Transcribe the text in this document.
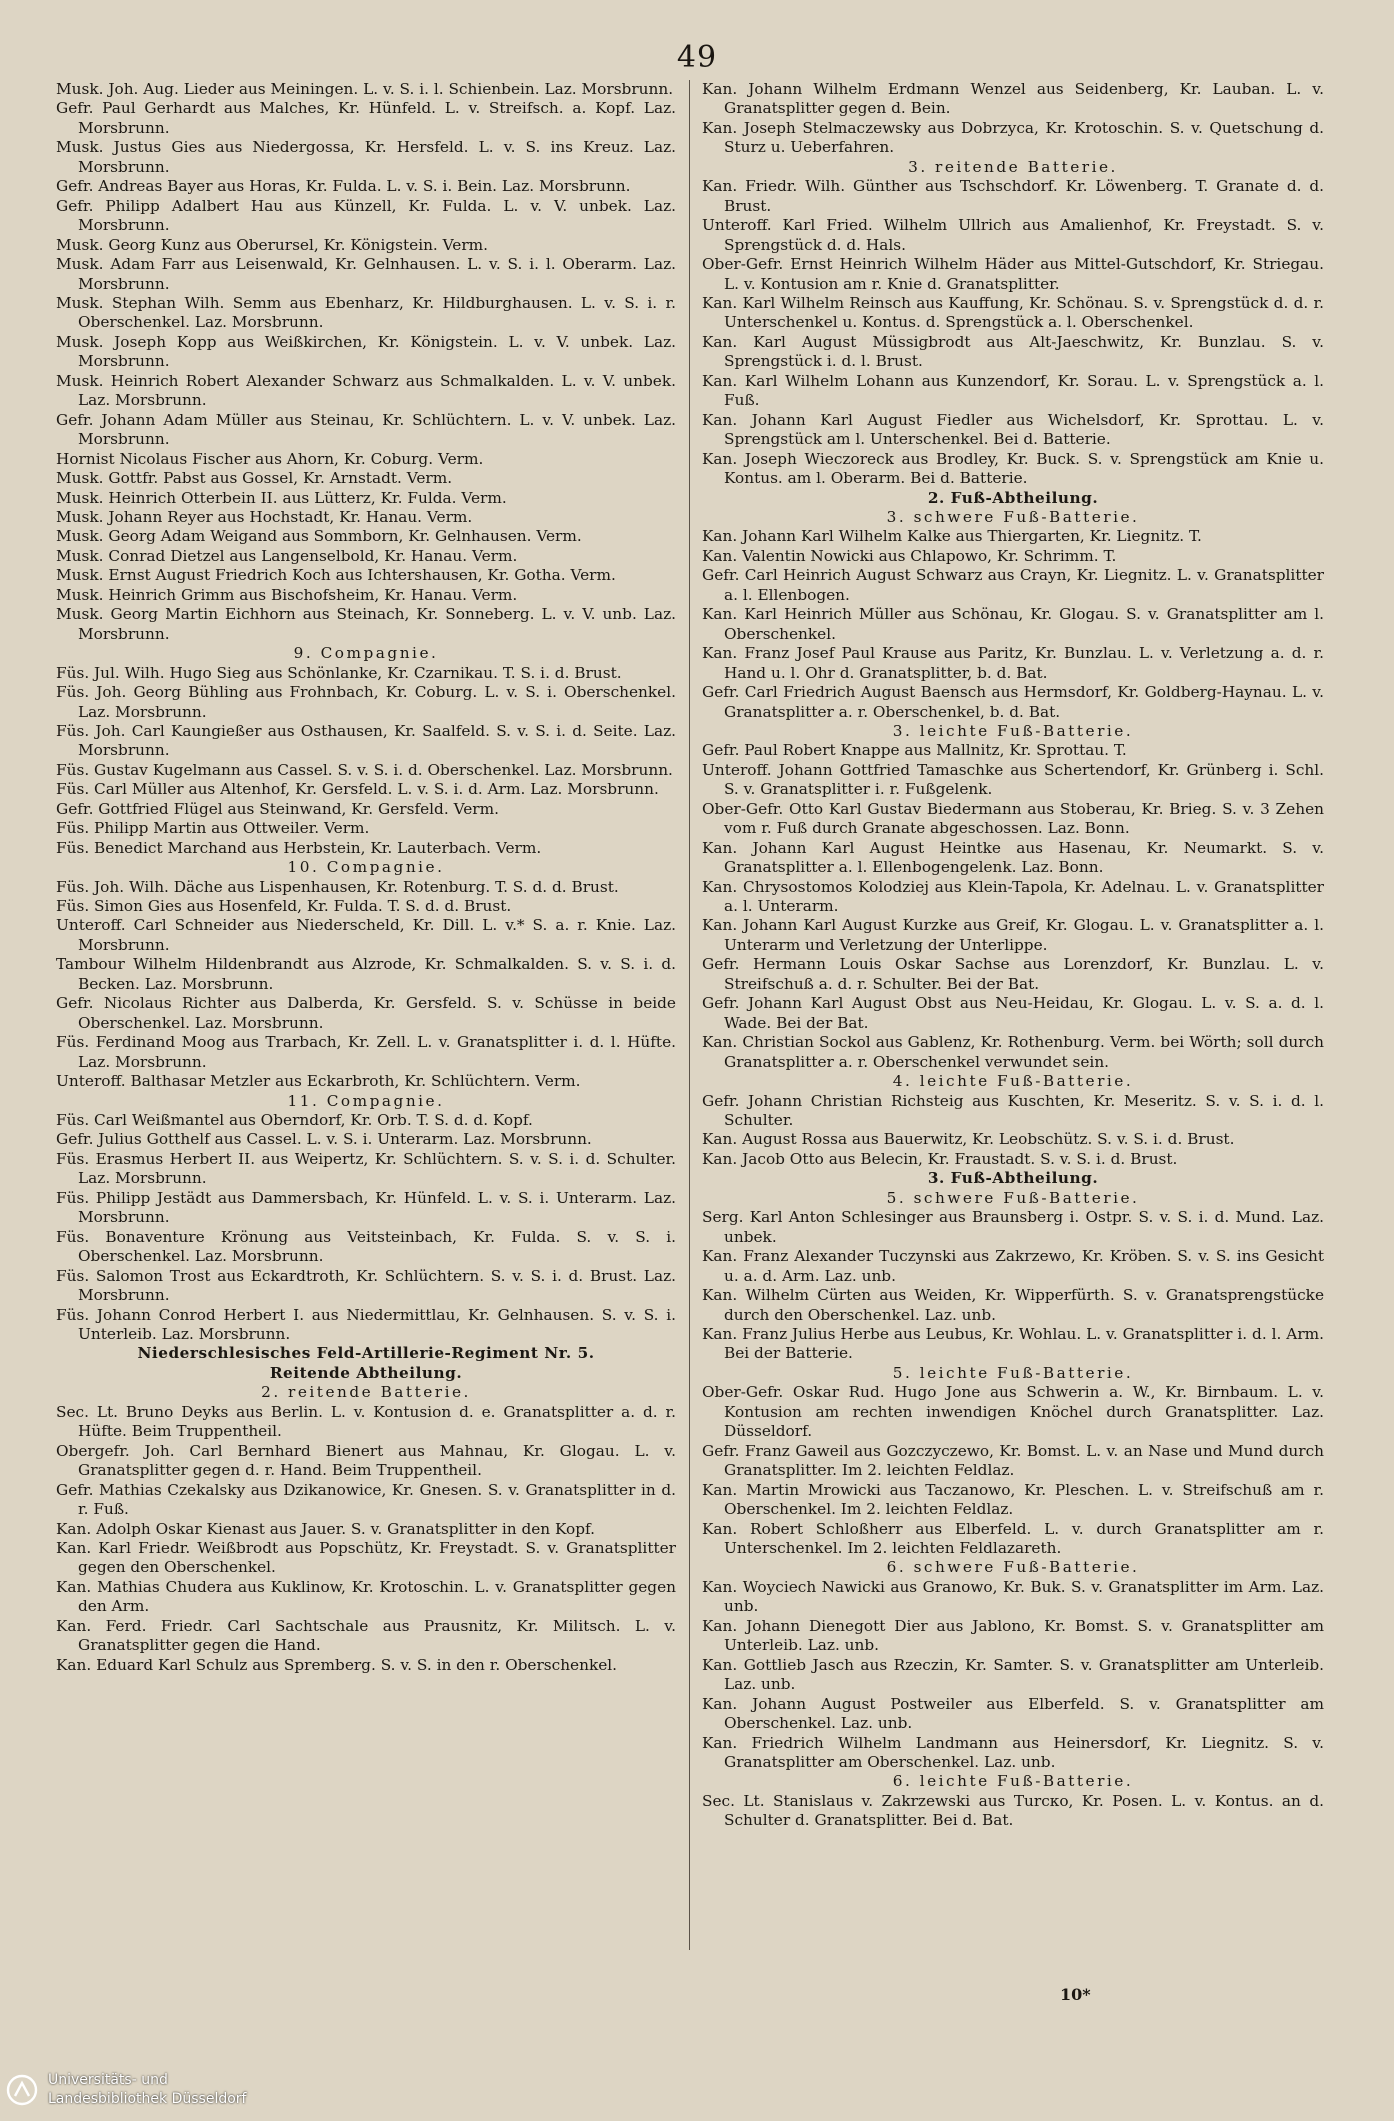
49
Musk. Joh. Aug. Lieder aus Meiningen. L. v. S. i. l. Schienbein. Laz. Morsbrunn.
Gefr. Paul Gerhardt aus Malches, Kr. Hünfeld. L. v. Streifsch. a. Kopf. Laz. Morsbrunn.
Musk. Justus Gies aus Niedergossa, Kr. Hersfeld. L. v. S. ins Kreuz. Laz. Morsbrunn.
Gefr. Andreas Bayer aus Horas, Kr. Fulda. L. v. S. i. Bein. Laz. Morsbrunn.
Gefr. Philipp Adalbert Hau aus Künzell, Kr. Fulda. L. v. V. unbek. Laz. Morsbrunn.
Musk. Georg Kunz aus Oberursel, Kr. Königstein. Verm.
Musk. Adam Farr aus Leisenwald, Kr. Gelnhausen. L. v. S. i. l. Oberarm. Laz. Morsbrunn.
Musk. Stephan Wilh. Semm aus Ebenharz, Kr. Hildburghausen. L. v. S. i. r. Oberschenkel. Laz. Morsbrunn.
Musk. Joseph Kopp aus Weißkirchen, Kr. Königstein. L. v. V. unbek. Laz. Morsbrunn.
Musk. Heinrich Robert Alexander Schwarz aus Schmalkalden. L. v. V. unbek. Laz. Morsbrunn.
Gefr. Johann Adam Müller aus Steinau, Kr. Schlüchtern. L. v. V. unbek. Laz. Morsbrunn.
Hornist Nicolaus Fischer aus Ahorn, Kr. Coburg. Verm.
Musk. Gottfr. Pabst aus Gossel, Kr. Arnstadt. Verm.
Musk. Heinrich Otterbein II. aus Lütterz, Kr. Fulda. Verm.
Musk. Johann Reyer aus Hochstadt, Kr. Hanau. Verm.
Musk. Georg Adam Weigand aus Sommborn, Kr. Gelnhausen. Verm.
Musk. Conrad Dietzel aus Langenselbold, Kr. Hanau. Verm.
Musk. Ernst August Friedrich Koch aus Ichtershausen, Kr. Gotha. Verm.
Musk. Heinrich Grimm aus Bischofsheim, Kr. Hanau. Verm.
Musk. Georg Martin Eichhorn aus Steinach, Kr. Sonneberg. L. v. V. unb. Laz. Morsbrunn.
9. Compagnie.
Füs. Jul. Wilh. Hugo Sieg aus Schönlanke, Kr. Czarnikau. T. S. i. d. Brust.
Füs. Joh. Georg Bühling aus Frohnbach, Kr. Coburg. L. v. S. i. Oberschenkel. Laz. Morsbrunn.
Füs. Joh. Carl Kaungießer aus Osthausen, Kr. Saalfeld. S. v. S. i. d. Seite. Laz. Morsbrunn.
Füs. Gustav Kugelmann aus Cassel. S. v. S. i. d. Oberschenkel. Laz. Morsbrunn.
Füs. Carl Müller aus Altenhof, Kr. Gersfeld. L. v. S. i. d. Arm. Laz. Morsbrunn.
Gefr. Gottfried Flügel aus Steinwand, Kr. Gersfeld. Verm.
Füs. Philipp Martin aus Ottweiler. Verm.
Füs. Benedict Marchand aus Herbstein, Kr. Lauterbach. Verm.
10. Compagnie.
Füs. Joh. Wilh. Däche aus Lispenhausen, Kr. Rotenburg. T. S. d. d. Brust.
Füs. Simon Gies aus Hosenfeld, Kr. Fulda. T. S. d. d. Brust.
Unteroff. Carl Schneider aus Niederscheld, Kr. Dill. L. v.* S. a. r. Knie. Laz. Morsbrunn.
Tambour Wilhelm Hildenbrandt aus Alzrode, Kr. Schmalkalden. S. v. S. i. d. Becken. Laz. Morsbrunn.
Gefr. Nicolaus Richter aus Dalberda, Kr. Gersfeld. S. v. Schüsse in beide Oberschenkel. Laz. Morsbrunn.
Füs. Ferdinand Moog aus Trarbach, Kr. Zell. L. v. Granatsplitter i. d. l. Hüfte. Laz. Morsbrunn.
Unteroff. Balthasar Metzler aus Eckarbroth, Kr. Schlüchtern. Verm.
11. Compagnie.
Füs. Carl Weißmantel aus Oberndorf, Kr. Orb. T. S. d. d. Kopf.
Gefr. Julius Gotthelf aus Cassel. L. v. S. i. Unterarm. Laz. Morsbrunn.
Füs. Erasmus Herbert II. aus Weipertz, Kr. Schlüchtern. S. v. S. i. d. Schulter. Laz. Morsbrunn.
Füs. Philipp Jestädt aus Dammersbach, Kr. Hünfeld. L. v. S. i. Unterarm. Laz. Morsbrunn.
Füs. Bonaventure Krönung aus Veitsteinbach, Kr. Fulda. S. v. S. i. Oberschenkel. Laz. Morsbrunn.
Füs. Salomon Trost aus Eckardtroth, Kr. Schlüchtern. S. v. S. i. d. Brust. Laz. Morsbrunn.
Füs. Johann Conrod Herbert I. aus Niedermittlau, Kr. Gelnhausen. S. v. S. i. Unterleib. Laz. Morsbrunn.
Niederschlesisches Feld-Artillerie-Regiment Nr. 5.
Reitende Abtheilung.
2. reitende Batterie.
Sec. Lt. Bruno Deyks aus Berlin. L. v. Kontusion d. e. Granatsplitter a. d. r. Hüfte. Beim Truppentheil.
Obergefr. Joh. Carl Bernhard Bienert aus Mahnau, Kr. Glogau. L. v. Granatsplitter gegen d. r. Hand. Beim Truppentheil.
Gefr. Mathias Czekalsky aus Dzikanowice, Kr. Gnesen. S. v. Granatsplitter in d. r. Fuß.
Kan. Adolph Oskar Kienast aus Jauer. S. v. Granatsplitter in den Kopf.
Kan. Karl Friedr. Weißbrodt aus Popschütz, Kr. Freystadt. S. v. Granatsplitter gegen den Oberschenkel.
Kan. Mathias Chudera aus Kuklinow, Kr. Krotoschin. L. v. Granatsplitter gegen den Arm.
Kan. Ferd. Friedr. Carl Sachtschale aus Prausnitz, Kr. Militsch. L. v. Granatsplitter gegen die Hand.
Kan. Eduard Karl Schulz aus Spremberg. S. v. S. in den r. Oberschenkel.
Kan. Johann Wilhelm Erdmann Wenzel aus Seidenberg, Kr. Lauban. L. v. Granatsplitter gegen d. Bein.
Kan. Joseph Stelmaczewsky aus Dobrzyca, Kr. Krotoschin. S. v. Quetschung d. Sturz u. Ueberfahren.
3. reitende Batterie.
Kan. Friedr. Wilh. Günther aus Tschschdorf. Kr. Löwenberg. T. Granate d. d. Brust.
Unteroff. Karl Fried. Wilhelm Ullrich aus Amalienhof, Kr. Freystadt. S. v. Sprengstück d. d. Hals.
Ober-Gefr. Ernst Heinrich Wilhelm Häder aus Mittel-Gutschdorf, Kr. Striegau. L. v. Kontusion am r. Knie d. Granatsplitter.
Kan. Karl Wilhelm Reinsch aus Kauffung, Kr. Schönau. S. v. Sprengstück d. d. r. Unterschenkel u. Kontus. d. Sprengstück a. l. Oberschenkel.
Kan. Karl August Müssigbrodt aus Alt-Jaeschwitz, Kr. Bunzlau. S. v. Sprengstück i. d. l. Brust.
Kan. Karl Wilhelm Lohann aus Kunzendorf, Kr. Sorau. L. v. Sprengstück a. l. Fuß.
Kan. Johann Karl August Fiedler aus Wichelsdorf, Kr. Sprottau. L. v. Sprengstück am l. Unterschenkel. Bei d. Batterie.
Kan. Joseph Wieczoreck aus Brodley, Kr. Buck. S. v. Sprengstück am Knie u. Kontus. am l. Oberarm. Bei d. Batterie.
2. Fuß-Abtheilung.
3. schwere Fuß-Batterie.
Kan. Johann Karl Wilhelm Kalke aus Thiergarten, Kr. Liegnitz. T.
Kan. Valentin Nowicki aus Chlapowo, Kr. Schrimm. T.
Gefr. Carl Heinrich August Schwarz aus Crayn, Kr. Liegnitz. L. v. Granatsplitter a. l. Ellenbogen.
Kan. Karl Heinrich Müller aus Schönau, Kr. Glogau. S. v. Granatsplitter am l. Oberschenkel.
Kan. Franz Josef Paul Krause aus Paritz, Kr. Bunzlau. L. v. Verletzung a. d. r. Hand u. l. Ohr d. Granatsplitter, b. d. Bat.
Gefr. Carl Friedrich August Baensch aus Hermsdorf, Kr. Goldberg-Haynau. L. v. Granatsplitter a. r. Oberschenkel, b. d. Bat.
3. leichte Fuß-Batterie.
Gefr. Paul Robert Knappe aus Mallnitz, Kr. Sprottau. T.
Unteroff. Johann Gottfried Tamaschke aus Schertendorf, Kr. Grünberg i. Schl. S. v. Granatsplitter i. r. Fußgelenk.
Ober-Gefr. Otto Karl Gustav Biedermann aus Stoberau, Kr. Brieg. S. v. 3 Zehen vom r. Fuß durch Granate abgeschossen. Laz. Bonn.
Kan. Johann Karl August Heintke aus Hasenau, Kr. Neumarkt. S. v. Granatsplitter a. l. Ellenbogengelenk. Laz. Bonn.
Kan. Chrysostomos Kolodziej aus Klein-Tapola, Kr. Adelnau. L. v. Granatsplitter a. l. Unterarm.
Kan. Johann Karl August Kurzke aus Greif, Kr. Glogau. L. v. Granatsplitter a. l. Unterarm und Verletzung der Unterlippe.
Gefr. Hermann Louis Oskar Sachse aus Lorenzdorf, Kr. Bunzlau. L. v. Streifschuß a. d. r. Schulter. Bei der Bat.
Gefr. Johann Karl August Obst aus Neu-Heidau, Kr. Glogau. L. v. S. a. d. l. Wade. Bei der Bat.
Kan. Christian Sockol aus Gablenz, Kr. Rothenburg. Verm. bei Wörth; soll durch Granatsplitter a. r. Oberschenkel verwundet sein.
4. leichte Fuß-Batterie.
Gefr. Johann Christian Richsteig aus Kuschten, Kr. Meseritz. S. v. S. i. d. l. Schulter.
Kan. August Rossa aus Bauerwitz, Kr. Leobschütz. S. v. S. i. d. Brust.
Kan. Jacob Otto aus Belecin, Kr. Fraustadt. S. v. S. i. d. Brust.
3. Fuß-Abtheilung.
5. schwere Fuß-Batterie.
Serg. Karl Anton Schlesinger aus Braunsberg i. Ostpr. S. v. S. i. d. Mund. Laz. unbek.
Kan. Franz Alexander Tuczynski aus Zakrzewo, Kr. Kröben. S. v. S. ins Gesicht u. a. d. Arm. Laz. unb.
Kan. Wilhelm Cürten aus Weiden, Kr. Wipperfürth. S. v. Granatsprengstücke durch den Oberschenkel. Laz. unb.
Kan. Franz Julius Herbe aus Leubus, Kr. Wohlau. L. v. Granatsplitter i. d. l. Arm. Bei der Batterie.
5. leichte Fuß-Batterie.
Ober-Gefr. Oskar Rud. Hugo Jone aus Schwerin a. W., Kr. Birnbaum. L. v. Kontusion am rechten inwendigen Knöchel durch Granatsplitter. Laz. Düsseldorf.
Gefr. Franz Gaweil aus Gozczyczewo, Kr. Bomst. L. v. an Nase und Mund durch Granatsplitter. Im 2. leichten Feldlaz.
Kan. Martin Mrowicki aus Taczanowo, Kr. Pleschen. L. v. Streifschuß am r. Oberschenkel. Im 2. leichten Feldlaz.
Kan. Robert Schloßherr aus Elberfeld. L. v. durch Granatsplitter am r. Unterschenkel. Im 2. leichten Feldlazareth.
6. schwere Fuß-Batterie.
Kan. Woyciech Nawicki aus Granowo, Kr. Buk. S. v. Granatsplitter im Arm. Laz. unb.
Kan. Johann Dienegott Dier aus Jablono, Kr. Bomst. S. v. Granatsplitter am Unterleib. Laz. unb.
Kan. Gottlieb Jasch aus Rzeczin, Kr. Samter. S. v. Granatsplitter am Unterleib. Laz. unb.
Kan. Johann August Postweiler aus Elberfeld. S. v. Granatsplitter am Oberschenkel. Laz. unb.
Kan. Friedrich Wilhelm Landmann aus Heinersdorf, Kr. Liegnitz. S. v. Granatsplitter am Oberschenkel. Laz. unb.
6. leichte Fuß-Batterie.
Sec. Lt. Stanislaus v. Zakrzewski aus Turско, Kr. Posen. L. v. Kontus. an d. Schulter d. Granatsplitter. Bei d. Bat.
10*
Universitäts- und
Landesbibliothek Düsseldorf
